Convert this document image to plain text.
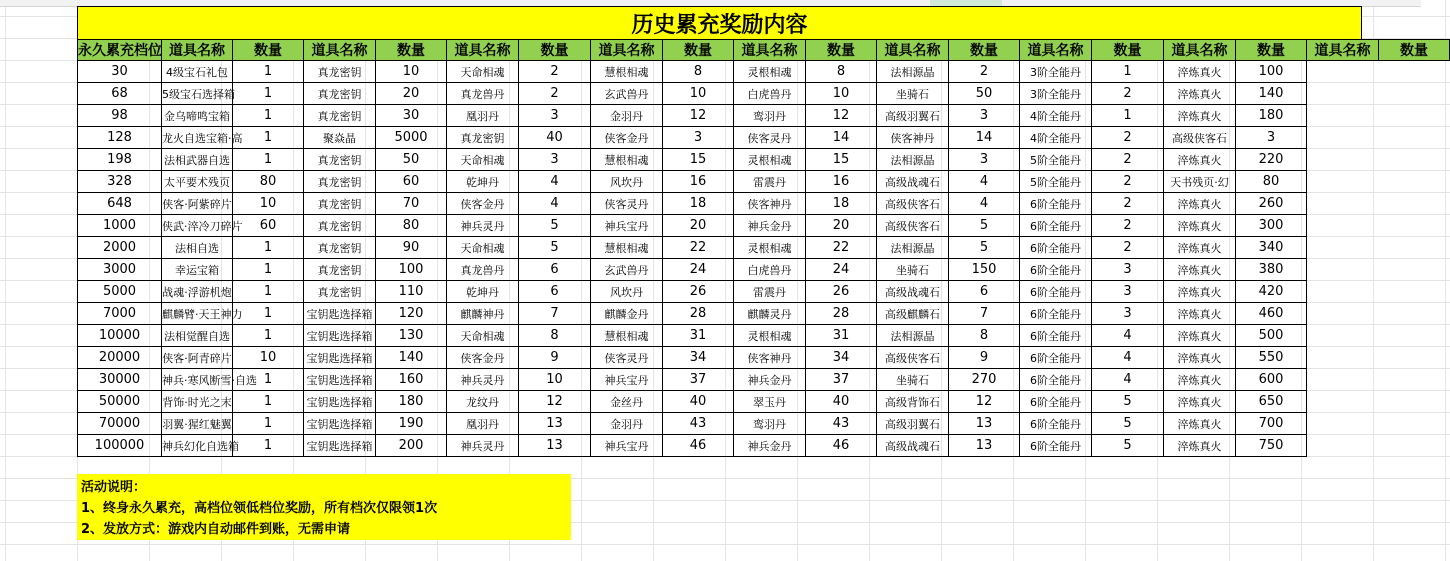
历史累充奖励内容
永久累充档位	道具名称	数量	道具名称	数量	道具名称	数量	道具名称	数量	道具名称	数量	道具名称	数量	道具名称	数量	道具名称	数量	道具名称	数量
30	4级宝石礼包	1	真龙密钥	10	天命相魂	2	慧根相魂	8	灵根相魂	8	法相源晶	2	3阶全能丹	1	淬炼真火	100		
68	5级宝石选择箱	1	真龙密钥	20	真龙兽丹	2	玄武兽丹	10	白虎兽丹	10	坐骑石	50	3阶全能丹	2	淬炼真火	140		
98	金乌啼鸣宝箱	1	真龙密钥	30	凰羽丹	3	金羽丹	12	鸾羽丹	12	高级羽翼石	3	4阶全能丹	1	淬炼真火	180		
128	龙火自选宝箱·高	1	聚焱晶	5000	真龙密钥	40	侠客金丹	3	侠客灵丹	14	侠客神丹	14	4阶全能丹	2	高级侠客石	3		
198	法相武器自选	1	真龙密钥	50	天命相魂	3	慧根相魂	15	灵根相魂	15	法相源晶	3	5阶全能丹	2	淬炼真火	220		
328	太平要术残页	80	真龙密钥	60	乾坤丹	4	风坎丹	16	雷震丹	16	高级战魂石	4	5阶全能丹	2	天书残页·幻	80		
648	侠客·阿紫碎片	10	真龙密钥	70	侠客金丹	4	侠客灵丹	18	侠客神丹	18	高级侠客石	4	6阶全能丹	2	淬炼真火	260		
1000	侠武·淬冷刀碎片	60	真龙密钥	80	神兵灵丹	5	神兵宝丹	20	神兵金丹	20	高级侠客石	5	6阶全能丹	2	淬炼真火	300		
2000	法相自选	1	真龙密钥	90	天命相魂	5	慧根相魂	22	灵根相魂	22	法相源晶	5	6阶全能丹	2	淬炼真火	340		
3000	幸运宝箱	1	真龙密钥	100	真龙兽丹	6	玄武兽丹	24	白虎兽丹	24	坐骑石	150	6阶全能丹	3	淬炼真火	380		
5000	战魂·浮游机炮	1	真龙密钥	110	乾坤丹	6	风坎丹	26	雷震丹	26	高级战魂石	6	6阶全能丹	3	淬炼真火	420		
7000	麒麟臂·天王神力	1	宝钥匙选择箱	120	麒麟神丹	7	麒麟金丹	28	麒麟灵丹	28	高级麒麟石	7	6阶全能丹	3	淬炼真火	460		
10000	法相觉醒自选	1	宝钥匙选择箱	130	天命相魂	8	慧根相魂	31	灵根相魂	31	法相源晶	8	6阶全能丹	4	淬炼真火	500		
20000	侠客·阿青碎片	10	宝钥匙选择箱	140	侠客金丹	9	侠客灵丹	34	侠客神丹	34	高级侠客石	9	6阶全能丹	4	淬炼真火	550		
30000	神兵·寒风断雪·自选	1	宝钥匙选择箱	160	神兵灵丹	10	神兵宝丹	37	神兵金丹	37	坐骑石	270	6阶全能丹	4	淬炼真火	600		
50000	背饰·时光之末	1	宝钥匙选择箱	180	龙纹丹	12	金丝丹	40	翠玉丹	40	高级背饰石	12	6阶全能丹	5	淬炼真火	650		
70000	羽翼·猩红魅翼	1	宝钥匙选择箱	190	凰羽丹	13	金羽丹	43	鸾羽丹	43	高级羽翼石	13	6阶全能丹	5	淬炼真火	700		
100000	神兵幻化自选箱	1	宝钥匙选择箱	200	神兵灵丹	13	神兵宝丹	46	神兵金丹	46	高级战魂石	13	6阶全能丹	5	淬炼真火	750		
活动说明：
1、终身永久累充，高档位领低档位奖励，所有档次仅限领1次
2、发放方式：游戏内自动邮件到账，无需申请
